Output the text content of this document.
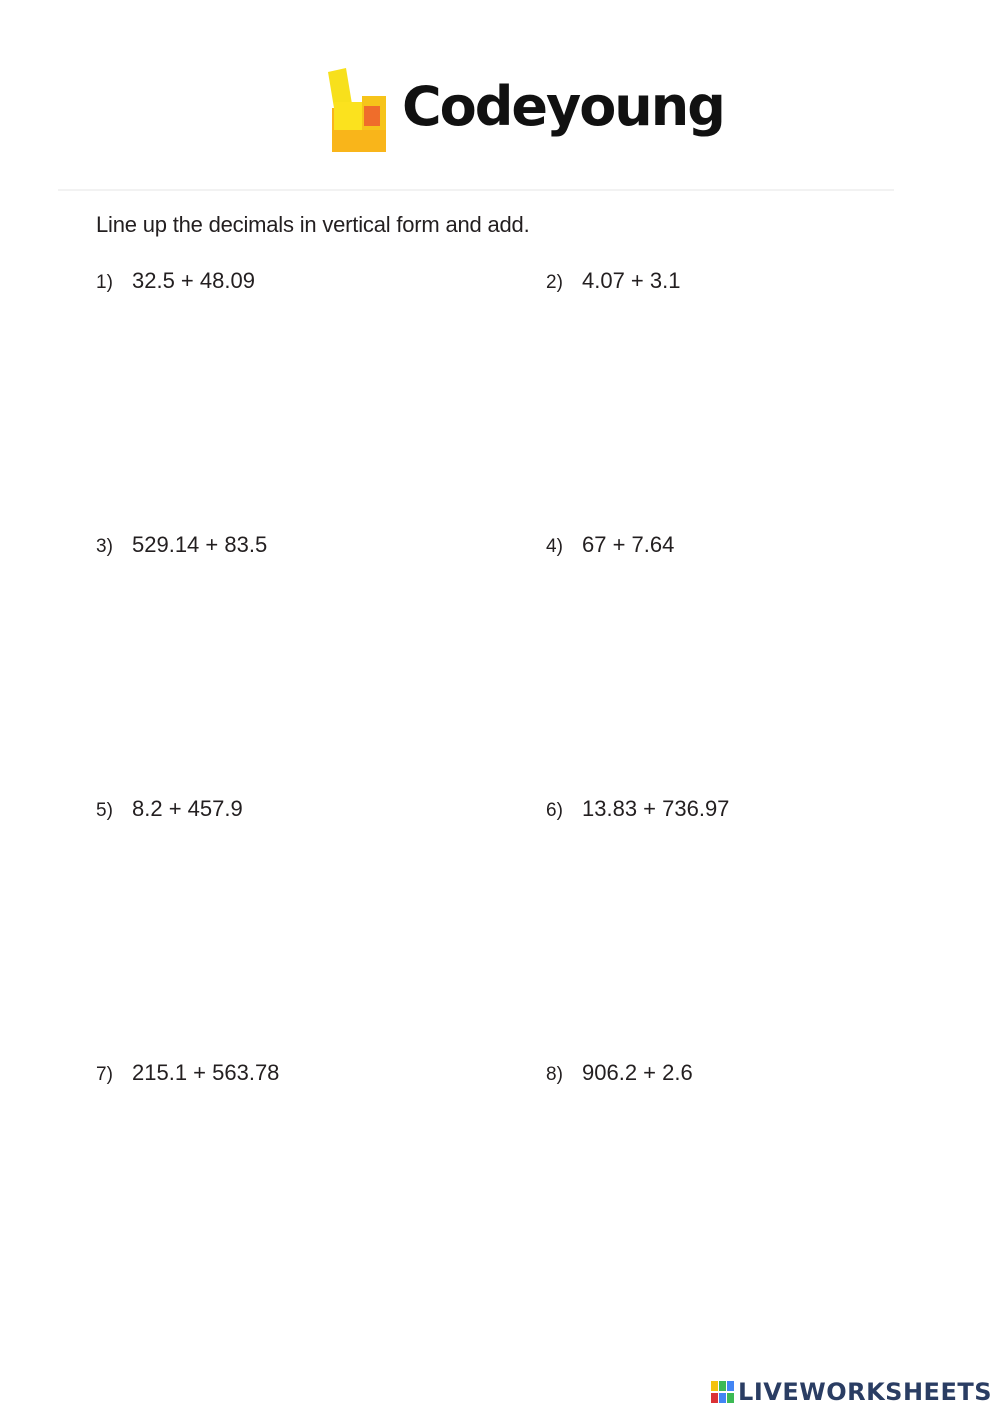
Codeyoung
Line up the decimals in vertical form and add.
1) 32.5 + 48.09	2) 4.07 + 3.1
3) 529.14 + 83.5	4) 67 + 7.64
5) 8.2 + 457.9	6) 13.83 + 736.97
7) 215.1 + 563.78	8) 906.2 + 2.6
LIVEWORKSHEETS
